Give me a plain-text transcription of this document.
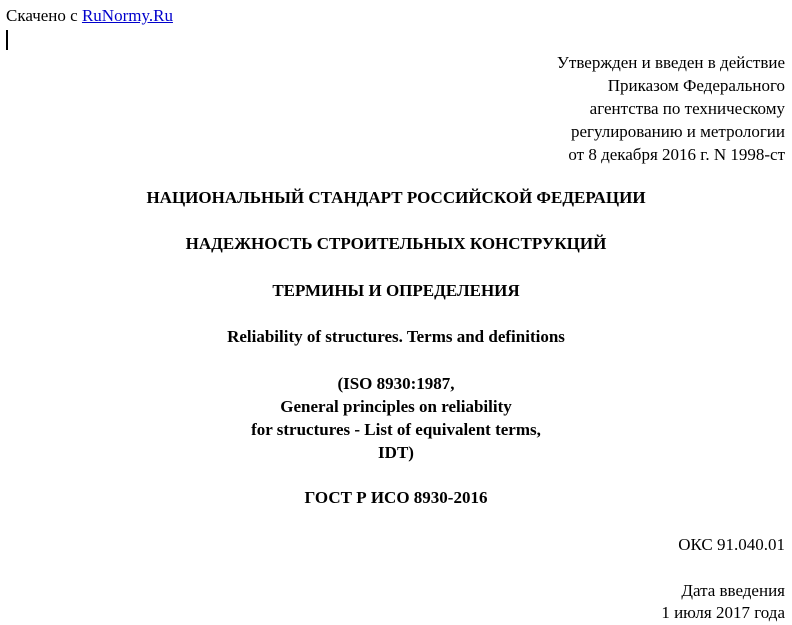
Скачено с RuNormy.Ru
Утвержден и введен в действие
Приказом Федерального
агентства по техническому
регулированию и метрологии
от 8 декабря 2016 г. N 1998-ст
НАЦИОНАЛЬНЫЙ СТАНДАРТ РОССИЙСКОЙ ФЕДЕРАЦИИ
НАДЕЖНОСТЬ СТРОИТЕЛЬНЫХ КОНСТРУКЦИЙ
ТЕРМИНЫ И ОПРЕДЕЛЕНИЯ
Reliability of structures. Terms and definitions
(ISO 8930:1987,
General principles on reliability
for structures - List of equivalent terms,
IDT)
ГОСТ Р ИСО 8930-2016
ОКС 91.040.01
Дата введения
1 июля 2017 года
